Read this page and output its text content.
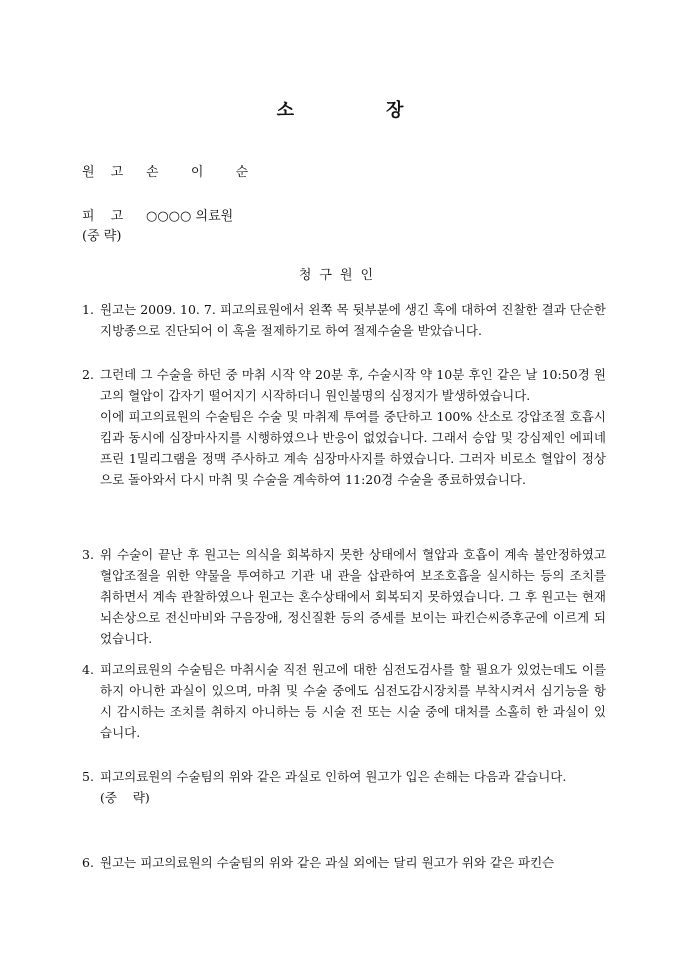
소	장
원 고 손  이  순
피 고 ○○○○ 의료원
(중 략)
청구원인
1. 원고는 2009. 10. 7. 피고의료원에서 왼쪽 목 뒷부분에 생긴 혹에 대하여 진찰한 결과 단순한 지방종으로 진단되어 이 혹을 절제하기로 하여 절제수술을 받았습니다.

2. 그런데 그 수술을 하던 중 마취 시작 약 20분 후, 수술시작 약 10분 후인 같은 날 10:50경 원고의 혈압이 갑자기 떨어지기 시작하더니 원인불명의 심정지가 발생하였습니다.

이에 피고의료원의 수술팀은 수술 및 마취제 투여를 중단하고 100% 산소로 강압조절 호흡시킴과 동시에 심장마사지를 시행하였으나 반응이 없었습니다. 그래서 승압 및 강심제인 에피네프린 1밀리그램을 정맥 주사하고 계속 심장마사지를 하였습니다. 그러자 비로소 혈압이 정상으로 돌아와서 다시 마취 및 수술을 계속하여 11:20경 수술을 종료하였습니다.

3. 위 수술이 끝난 후 원고는 의식을 회복하지 못한 상태에서 혈압과 호흡이 계속 불안정하였고 혈압조절을 위한 약물을 투여하고 기관 내 관을 삽관하여 보조호흡을 실시하는 등의 조치를 취하면서 계속 관찰하였으나 원고는 혼수상태에서 회복되지 못하였습니다. 그 후 원고는 현재 뇌손상으로 전신마비와 구음장애, 정신질환 등의 증세를 보이는 파킨슨씨증후군에 이르게 되었습니다.

4. 피고의료원의 수술팀은 마취시술 직전 원고에 대한 심전도검사를 할 필요가 있었는데도 이를 하지 아니한 과실이 있으며, 마취 및 수술 중에도 심전도감시장치를 부착시켜서 심기능을 항시 감시하는 조치를 취하지 아니하는 등 시술 전 또는 시술 중에 대처를 소홀히 한 과실이 있습니다.

5. 피고의료원의 수술팀의 위와 같은 과실로 인하여 원고가 입은 손해는 다음과 같습니다.

(중    략)

6. 원고는 피고의료원의 수술팀의 위와 같은 과실 외에는 달리 원고가 위와 같은 파킨슨
